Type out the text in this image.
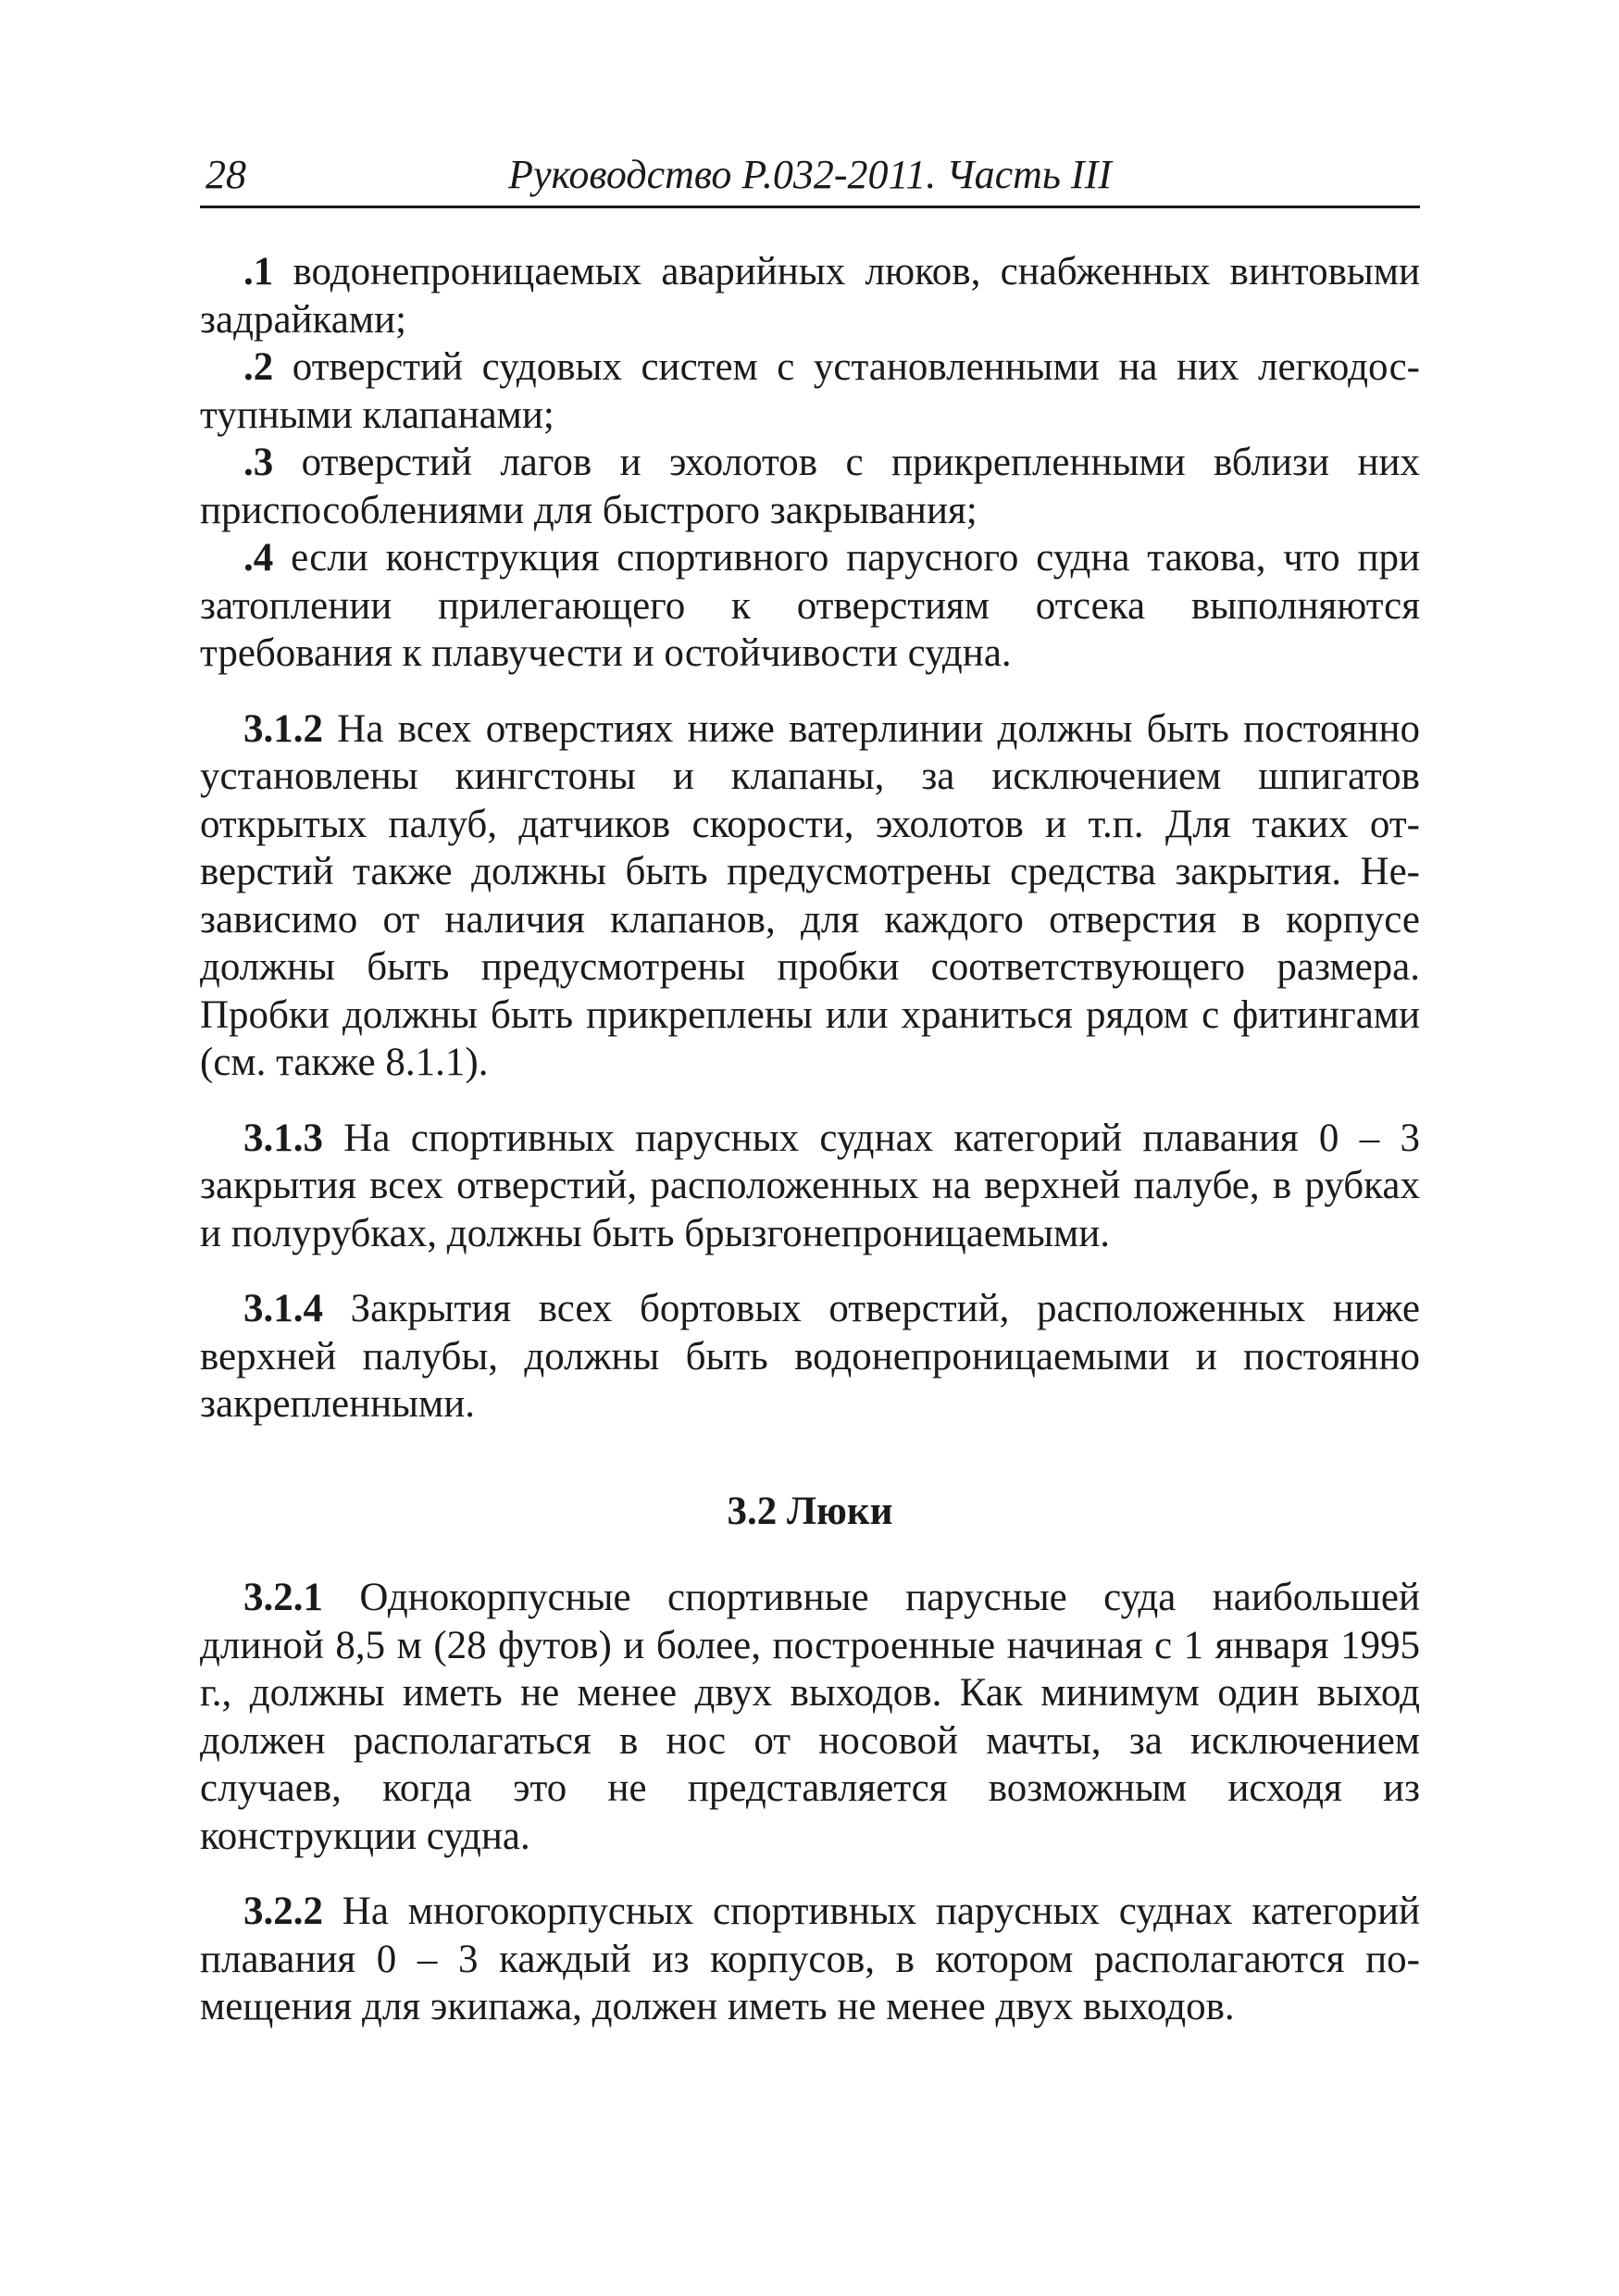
28	Руководство Р.032-2011. Часть III

.1 водонепроницаемых аварийных люков, снабженных винтовыми задрайками;

.2 отверстий судовых систем с установленными на них легкодоступными клапанами;

.3 отверстий лагов и эхолотов с прикрепленными вблизи них приспособлениями для быстрого закрывания;

.4 если конструкция спортивного парусного судна такова, что при затоплении прилегающего к отверстиям отсека выполняются требования к плавучести и остойчивости судна.

3.1.2 На всех отверстиях ниже ватерлинии должны быть постоянно установлены кингстоны и клапаны, за исключением шпигатов открытых палуб, датчиков скорости, эхолотов и т.п. Для таких отверстий также должны быть предусмотрены средства закрытия. Независимо от наличия клапанов, для каждого отверстия в корпусе должны быть предусмотрены пробки соответствующего размера. Пробки должны быть прикреплены или храниться рядом с фитингами (см. также 8.1.1).

3.1.3 На спортивных парусных суднах категорий плавания 0 – 3 закрытия всех отверстий, расположенных на верхней палубе, в рубках и полурубках, должны быть брызгонепроницаемыми.

3.1.4 Закрытия всех бортовых отверстий, расположенных ниже верхней палубы, должны быть водонепроницаемыми и постоянно закрепленными.

3.2 Люки

3.2.1 Однокорпусные спортивные парусные суда наибольшей длиной 8,5 м (28 футов) и более, построенные начиная с 1 января 1995 г., должны иметь не менее двух выходов. Как минимум один выход должен располагаться в нос от носовой мачты, за исключением случаев, когда это не представляется возможным исходя из конструкции судна.

3.2.2 На многокорпусных спортивных парусных суднах категорий плавания 0 – 3 каждый из корпусов, в котором располагаются помещения для экипажа, должен иметь не менее двух выходов.
